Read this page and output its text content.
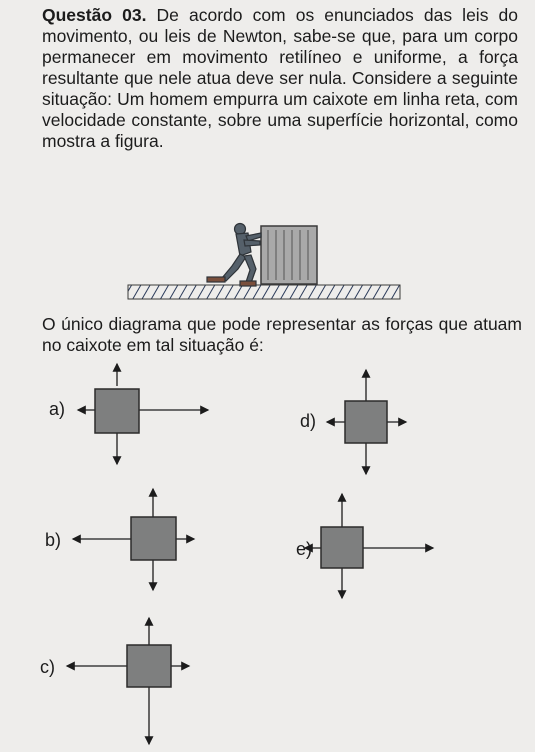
Questão 03. De acordo com os enunciados das leis do movimento, ou leis de Newton, sabe-se que, para um corpo permanecer em movimento retilíneo e uniforme, a força resultante que nele atua deve ser nula. Considere a seguinte situação: Um homem empurra um caixote em linha reta, com velocidade constante, sobre uma superfície horizontal, como mostra a figura.

O único diagrama que pode representar as forças que atuam no caixote em tal situação é:

a)
b)
c)
d)
e)
